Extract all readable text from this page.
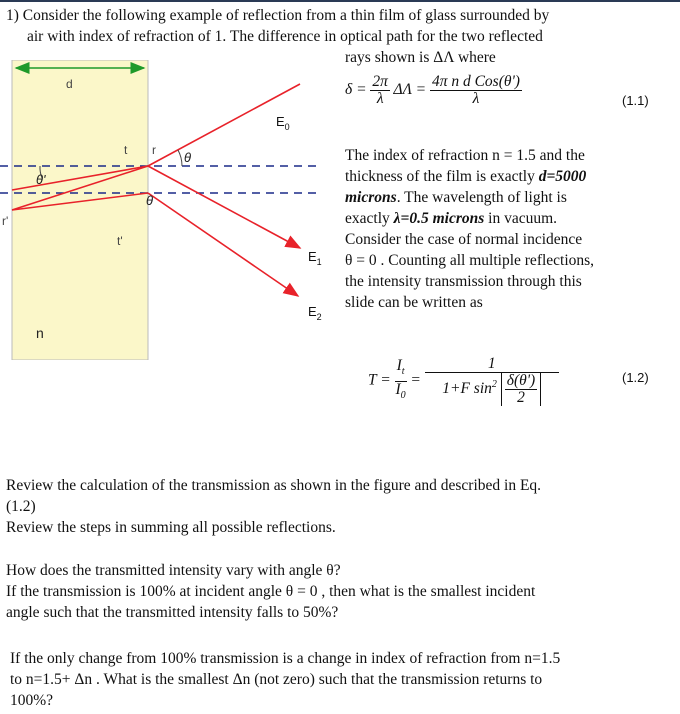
1) Consider the following example of reflection from a thin film of glass surrounded by
air with index of refraction of 1. The difference in optical path for the two reflected
rays shown is ΔΛ where
d
t r θ
θ'
θ
r'
t'
n
$E_0$
$E_1$
$E_2$
$\delta = \frac{2\pi}{\lambda}$ $\Delta\Lambda = \frac{\text{4π n d Cos(θ')}}{\lambda}$	(1.1)
The index of refraction n = 1.5 and the
thickness of the film is exactly d=5000
microns. The wavelength of light is
exactly λ=0.5 microns in vacuum.
Consider the case of normal incidence
θ = 0 . Counting all multiple reflections,
the intensity transmission through this
slide can be written as
$T = \frac{I_t}{I_0} = \frac{1}{1+F \sin^2 \frac{\delta(\theta')}{2}}$	(1.2)
Review the calculation of the transmission as shown in the figure and described in Eq.
(1.2)
Review the steps in summing all possible reflections.
How does the transmitted intensity vary with angle θ?
If the transmission is 100% at incident angle θ = 0 , then what is the smallest incident
angle such that the transmitted intensity falls to 50%?
If the only change from 100% transmission is a change in index of refraction from n=1.5
to n=1.5+ Δn . What is the smallest Δn (not zero) such that the transmission returns to
100%?
